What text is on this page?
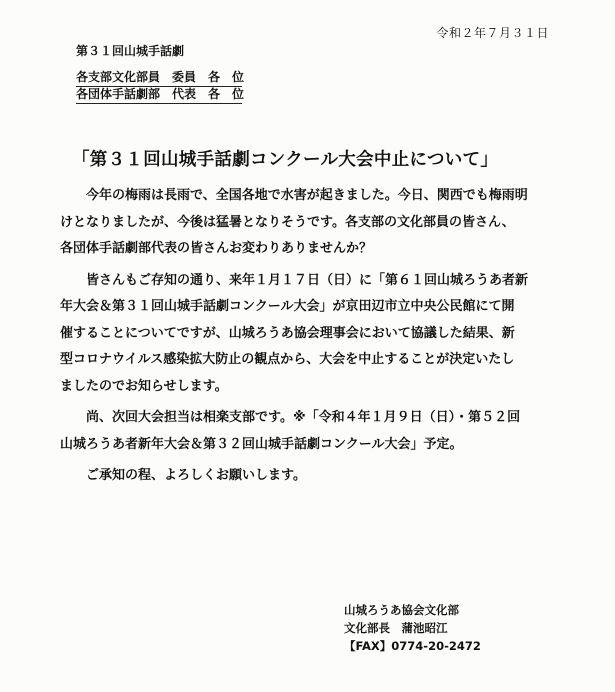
令和２年７月３１日
第３１回山城手話劇
各支部文化部員　委員　各　位
各団体手話劇部　代表　各　位
「第３１回山城手話劇コンクール大会中止について」

今年の梅雨は長雨で、全国各地で水害が起きました。今日、関西でも梅雨明
けとなりましたが、今後は猛暑となりそうです。各支部の文化部員の皆さん、
各団体手話劇部代表の皆さんお変わりありませんか？

皆さんもご存知の通り、来年１月１７日（日）に「第６１回山城ろうあ者新
年大会＆第３１回山城手話劇コンクール大会」が京田辺市立中央公民館にて開
催することについてですが、山城ろうあ協会理事会において協議した結果、新
型コロナウイルス感染拡大防止の観点から、大会を中止することが決定いたし
ましたのでお知らせします。

尚、次回大会担当は相楽支部です。※「令和４年１月９日（日）・第５２回
山城ろうあ者新年大会＆第３２回山城手話劇コンクール大会」予定。

ご承知の程、よろしくお願いします。

山城ろうあ協会文化部
文化部長　蒲池昭江
【FAX】0774-20-2472
